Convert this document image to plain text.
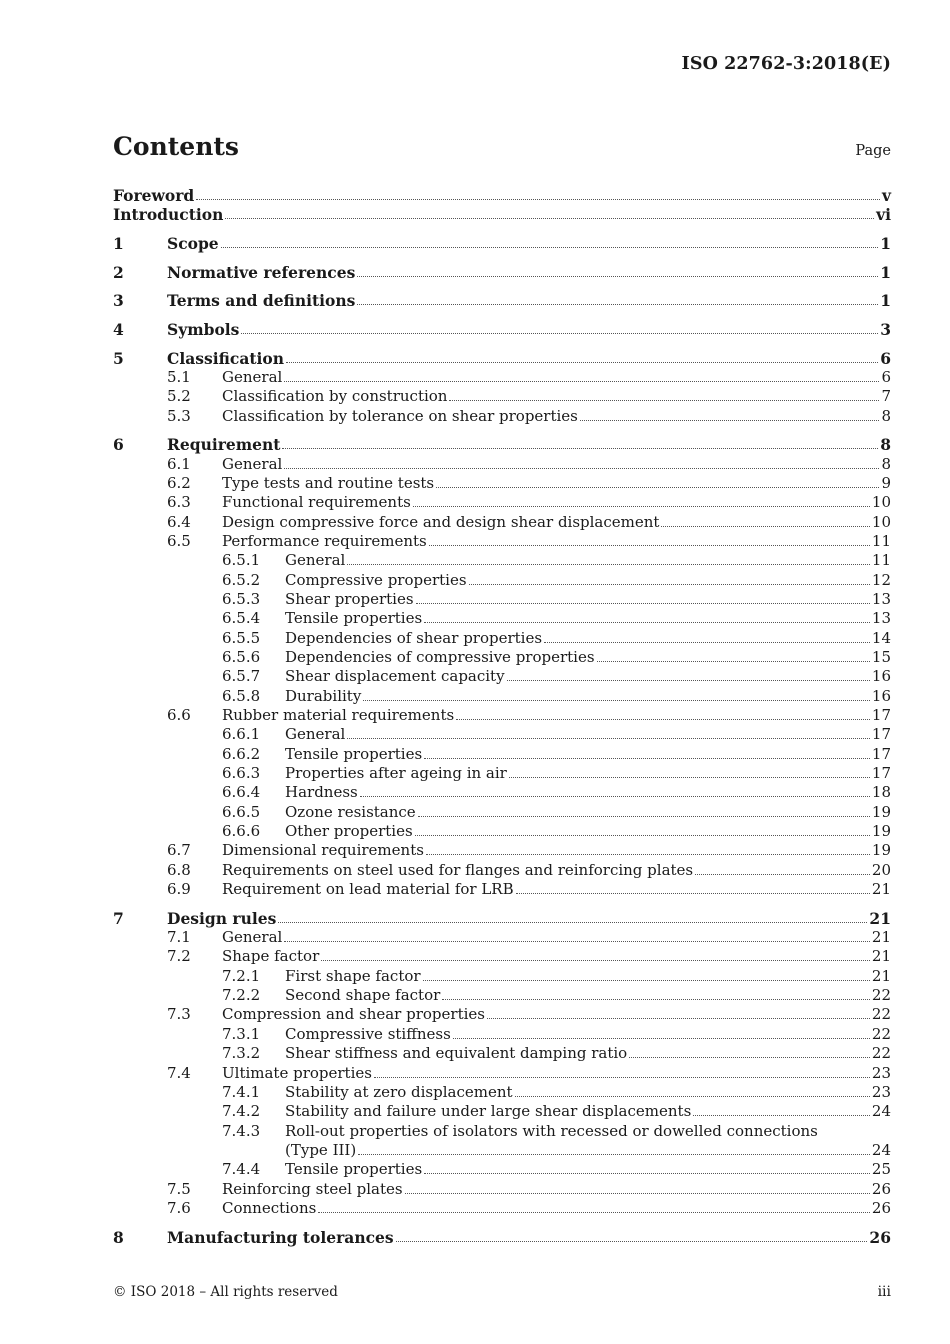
ISO 22762-3:2018(E)
Contents	Page
Foreword	v
Introduction	vi
1	Scope	1
2	Normative references	1
3	Terms and definitions	1
4	Symbols	3
5	Classification	6
5.1 General	6
5.2 Classification by construction	7
5.3 Classification by tolerance on shear properties	8
6	Requirement	8
6.1 General	8
6.2 Type tests and routine tests	9
6.3 Functional requirements	10
6.4 Design compressive force and design shear displacement	10
6.5 Performance requirements	11
6.5.1 General	11
6.5.2 Compressive properties	12
6.5.3 Shear properties	13
6.5.4 Tensile properties	13
6.5.5 Dependencies of shear properties	14
6.5.6 Dependencies of compressive properties	15
6.5.7 Shear displacement capacity	16
6.5.8 Durability	16
6.6 Rubber material requirements	17
6.6.1 General	17
6.6.2 Tensile properties	17
6.6.3 Properties after ageing in air	17
6.6.4 Hardness	18
6.6.5 Ozone resistance	19
6.6.6 Other properties	19
6.7 Dimensional requirements	19
6.8 Requirements on steel used for flanges and reinforcing plates	20
6.9 Requirement on lead material for LRB	21
7	Design rules	21
7.1 General	21
7.2 Shape factor	21
7.2.1 First shape factor	21
7.2.2 Second shape factor	22
7.3 Compression and shear properties	22
7.3.1 Compressive stiffness	22
7.3.2 Shear stiffness and equivalent damping ratio	22
7.4 Ultimate properties	23
7.4.1 Stability at zero displacement	23
7.4.2 Stability and failure under large shear displacements	24
7.4.3 Roll-out properties of isolators with recessed or dowelled connections
(Type III)	24
7.4.4 Tensile properties	25
7.5 Reinforcing steel plates	26
7.6 Connections	26
8	Manufacturing tolerances	26
© ISO 2018 – All rights reserved	iii
